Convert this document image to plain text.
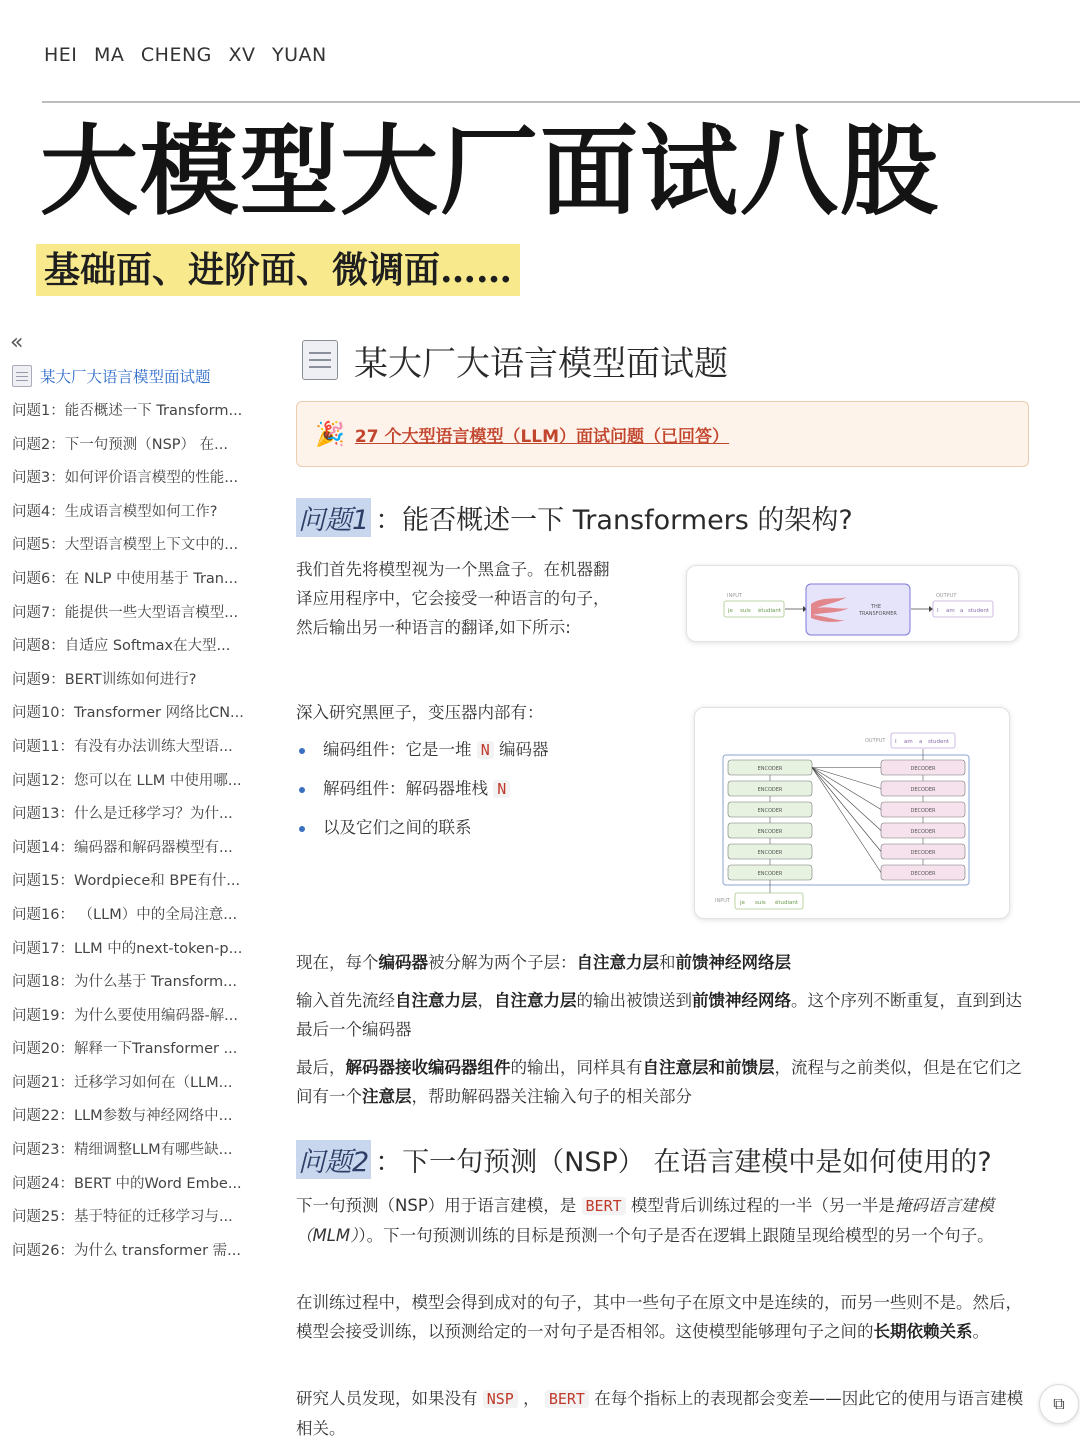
HEI MA CHENG XV YUAN
大模型大厂面试八股
基础面、进阶面、微调面……
«
某大厂大语言模型面试题
问题1：能否概述一下 Transform...
问题2：下一句预测（NSP） 在...
问题3：如何评价语言模型的性能...
问题4：生成语言模型如何工作?
问题5：大型语言模型上下文中的...
问题6：在 NLP 中使用基于 Tran...
问题7：能提供一些大型语言模型...
问题8：自适应 Softmax在大型...
问题9：BERT训练如何进行?
问题10：Transformer 网络比CN...
问题11：有没有办法训练大型语...
问题12：您可以在 LLM 中使用哪...
问题13：什么是迁移学习？为什...
问题14：编码器和解码器模型有...
问题15：Wordpiece和 BPE有什...
问题16： （LLM）中的全局注意...
问题17：LLM 中的next-token-p...
问题18：为什么基于 Transform...
问题19：为什么要使用编码器-解...
问题20：解释一下Transformer ...
问题21：迁移学习如何在（LLM...
问题22：LLM参数与神经网络中...
问题23：精细调整LLM有哪些缺...
问题24：BERT 中的Word Embe...
问题25：基于特征的迁移学习与...
问题26：为什么 transformer 需...
某大厂大语言模型面试题
🎉 27 个大型语言模型（LLM）面试问题（已回答）
问题1 ：能否概述一下 Transformers 的架构?
我们首先将模型视为一个黑盒子。在机器翻
译应用程序中，它会接受一种语言的句子，
然后输出另一种语言的翻译,如下所示:
深入研究黑匣子，变压器内部有：
编码组件：它是一堆 N 编码器
解码组件：解码器堆栈 N
以及它们之间的联系
现在，每个编码器被分解为两个子层：自注意力层和前馈神经网络层
输入首先流经自注意力层，自注意力层的输出被馈送到前馈神经网络。这个序列不断重复，直到到达最后一个编码器
最后，解码器接收编码器组件的输出，同样具有自注意层和前馈层，流程与之前类似，但是在它们之间有一个注意层，帮助解码器关注输入句子的相关部分
问题2 ：下一句预测（NSP） 在语言建模中是如何使用的?
下一句预测（NSP）用于语言建模，是 BERT 模型背后训练过程的一半（另一半是掩码语言建模（MLM））。下一句预测训练的目标是预测一个句子是否在逻辑上跟随呈现给模型的另一个句子。
在训练过程中，模型会得到成对的句子，其中一些句子在原文中是连续的，而另一些则不是。然后，模型会接受训练，以预测给定的一对句子是否相邻。这使模型能够理句子之间的长期依赖关系。
研究人员发现，如果没有 NSP ， BERT 在每个指标上的表现都会变差——因此它的使用与语言建模相关。
INPUT
je suis étudiant
THE
TRANSFORMER
OUTPUT
I am a student
OUTPUT I am a student
ENCODER	DECODER
ENCODER	DECODER
ENCODER	DECODER
ENCODER	DECODER
ENCODER	DECODER
ENCODER	DECODER
INPUT je suis étudiant
⧉
